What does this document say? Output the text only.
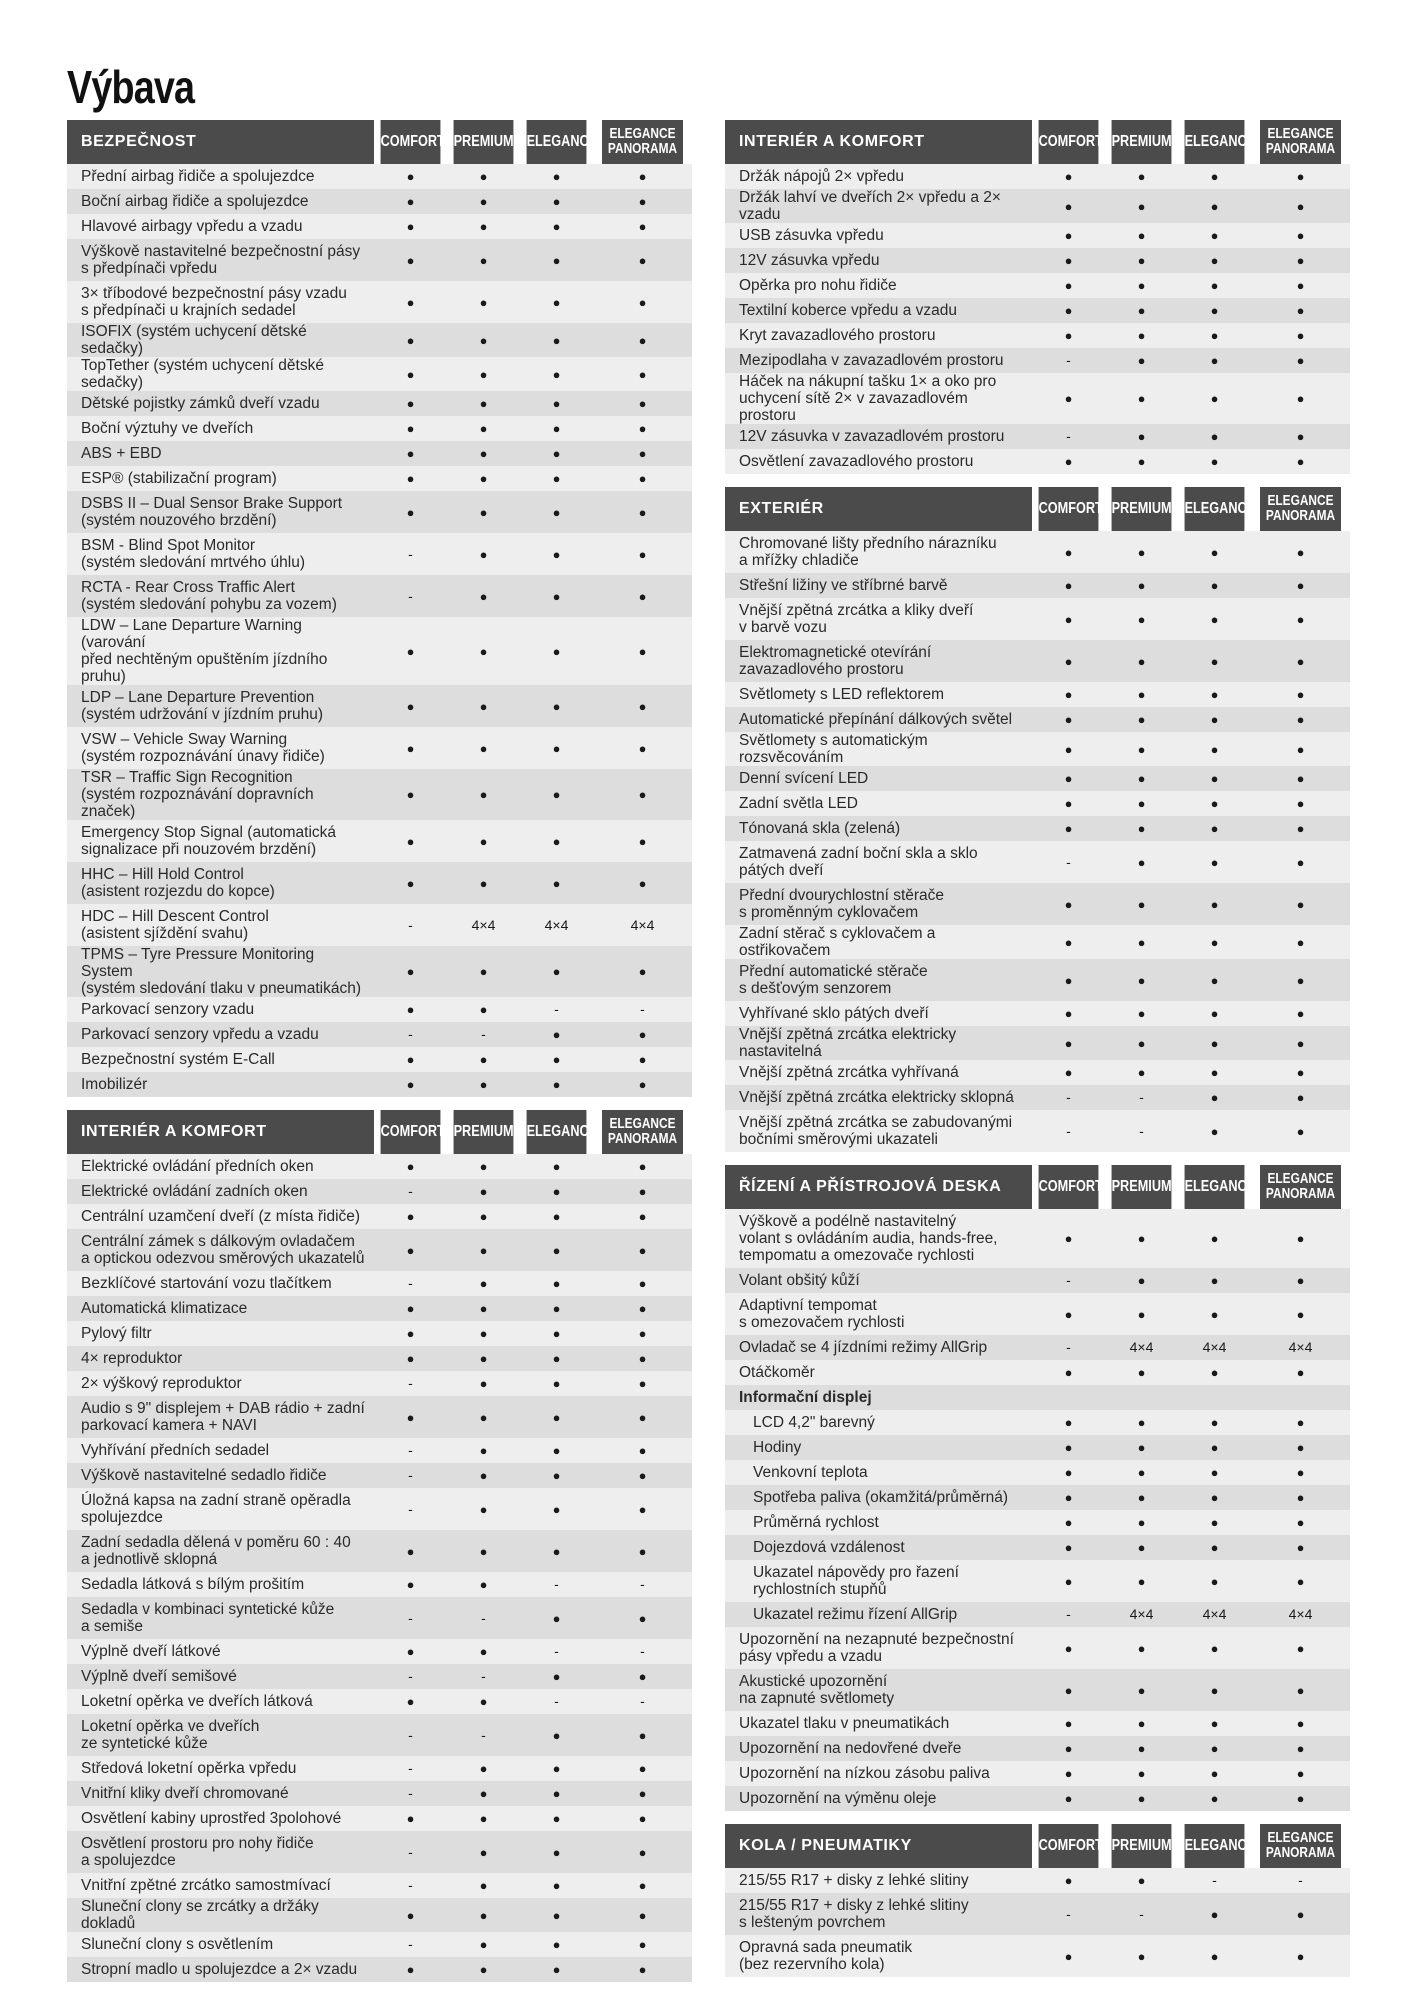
Výbava
BEZPEČNOST	COMFORT	PREMIUM	ELEGANCE	ELEGANCE
PANORAMA

Přední airbag řidiče a spolujezdce	●	●	●	●
Boční airbag řidiče a spolujezdce	●	●	●	●
Hlavové airbagy vpředu a vzadu	●	●	●	●
Výškově nastavitelné bezpečnostní pásy
s předpínači vpředu	●	●	●	●
3× tříbodové bezpečnostní pásy vzadu
s předpínači u krajních sedadel	●	●	●	●
ISOFIX (systém uchycení dětské sedačky)	●	●	●	●
TopTether (systém uchycení dětské sedačky)	●	●	●	●
Dětské pojistky zámků dveří vzadu	●	●	●	●
Boční výztuhy ve dveřích	●	●	●	●
ABS + EBD	●	●	●	●
ESP® (stabilizační program)	●	●	●	●
DSBS II – Dual Sensor Brake Support
(systém nouzového brzdění)	●	●	●	●
BSM - Blind Spot Monitor
(systém sledování mrtvého úhlu)	-	●	●	●
RCTA - Rear Cross Traffic Alert
(systém sledování pohybu za vozem)	-	●	●	●
LDW – Lane Departure Warning (varování
před nechtěným opuštěním jízdního pruhu)	●	●	●	●
LDP – Lane Departure Prevention
(systém udržování v jízdním pruhu)	●	●	●	●
VSW – Vehicle Sway Warning
(systém rozpoznávání únavy řidiče)	●	●	●	●
TSR – Traffic Sign Recognition
(systém rozpoznávání dopravních značek)	●	●	●	●
Emergency Stop Signal (automatická
signalizace při nouzovém brzdění)	●	●	●	●
HHC – Hill Hold Control
(asistent rozjezdu do kopce)	●	●	●	●
HDC – Hill Descent Control
(asistent sjíždění svahu)	-	4×4	4×4	4×4
TPMS – Tyre Pressure Monitoring System
(systém sledování tlaku v pneumatikách)	●	●	●	●
Parkovací senzory vzadu	●	●	-	-
Parkovací senzory vpředu a vzadu	-	-	●	●
Bezpečnostní systém E-Call	●	●	●	●
Imobilizér	●	●	●	●
INTERIÉR A KOMFORT	COMFORT	PREMIUM	ELEGANCE	ELEGANCE
PANORAMA

Elektrické ovládání předních oken	●	●	●	●
Elektrické ovládání zadních oken	-	●	●	●
Centrální uzamčení dveří (z místa řidiče)	●	●	●	●
Centrální zámek s dálkovým ovladačem
a optickou odezvou směrových ukazatelů	●	●	●	●
Bezklíčové startování vozu tlačítkem	-	●	●	●
Automatická klimatizace	●	●	●	●
Pylový filtr	●	●	●	●
4× reproduktor	●	●	●	●
2× výškový reproduktor	-	●	●	●
Audio s 9" displejem + DAB rádio + zadní
parkovací kamera + NAVI	●	●	●	●
Vyhřívání předních sedadel	-	●	●	●
Výškově nastavitelné sedadlo řidiče	-	●	●	●
Úložná kapsa na zadní straně opěradla
spolujezdce	-	●	●	●
Zadní sedadla dělená v poměru 60 : 40
a jednotlivě sklopná	●	●	●	●
Sedadla látková s bílým prošitím	●	●	-	-
Sedadla v kombinaci syntetické kůže
a semiše	-	-	●	●
Výplně dveří látkové	●	●	-	-
Výplně dveří semišové	-	-	●	●
Loketní opěrka ve dveřích látková	●	●	-	-
Loketní opěrka ve dveřích
ze syntetické kůže	-	-	●	●
Středová loketní opěrka vpředu	-	●	●	●
Vnitřní kliky dveří chromované	-	●	●	●
Osvětlení kabiny uprostřed 3polohové	●	●	●	●
Osvětlení prostoru pro nohy řidiče
a spolujezdce	-	●	●	●
Vnitřní zpětné zrcátko samostmívací	-	●	●	●
Sluneční clony se zrcátky a držáky dokladů	●	●	●	●
Sluneční clony s osvětlením	-	●	●	●
Stropní madlo u spolujezdce a 2× vzadu	●	●	●	●
INTERIÉR A KOMFORT	COMFORT	PREMIUM	ELEGANCE	ELEGANCE
PANORAMA

Držák nápojů 2× vpředu	●	●	●	●
Držák lahví ve dveřích 2× vpředu a 2× vzadu	●	●	●	●
USB zásuvka vpředu	●	●	●	●
12V zásuvka vpředu	●	●	●	●
Opěrka pro nohu řidiče	●	●	●	●
Textilní koberce vpředu a vzadu	●	●	●	●
Kryt zavazadlového prostoru	●	●	●	●
Mezipodlaha v zavazadlovém prostoru	-	●	●	●
Háček na nákupní tašku 1× a oko pro
uchycení sítě 2× v zavazadlovém prostoru	●	●	●	●
12V zásuvka v zavazadlovém prostoru	-	●	●	●
Osvětlení zavazadlového prostoru	●	●	●	●
EXTERIÉR	COMFORT	PREMIUM	ELEGANCE	ELEGANCE
PANORAMA

Chromované lišty předního nárazníku
a mřížky chladiče	●	●	●	●
Střešní ližiny ve stříbrné barvě	●	●	●	●
Vnější zpětná zrcátka a kliky dveří
v barvě vozu	●	●	●	●
Elektromagnetické otevírání
zavazadlového prostoru	●	●	●	●
Světlomety s LED reflektorem	●	●	●	●
Automatické přepínání dálkových světel	●	●	●	●
Světlomety s automatickým rozsvěcováním	●	●	●	●
Denní svícení LED	●	●	●	●
Zadní světla LED	●	●	●	●
Tónovaná skla (zelená)	●	●	●	●
Zatmavená zadní boční skla a sklo
pátých dveří	-	●	●	●
Přední dvourychlostní stěrače
s proměnným cyklovačem	●	●	●	●
Zadní stěrač s cyklovačem a ostřikovačem	●	●	●	●
Přední automatické stěrače
s dešťovým senzorem	●	●	●	●
Vyhřívané sklo pátých dveří	●	●	●	●
Vnější zpětná zrcátka elektricky nastavitelná	●	●	●	●
Vnější zpětná zrcátka vyhřívaná	●	●	●	●
Vnější zpětná zrcátka elektricky sklopná	-	-	●	●
Vnější zpětná zrcátka se zabudovanými
bočními směrovými ukazateli	-	-	●	●
ŘÍZENÍ A PŘÍSTROJOVÁ DESKA	COMFORT	PREMIUM	ELEGANCE	ELEGANCE
PANORAMA

Výškově a podélně nastavitelný
volant s ovládáním audia, hands-free,
tempomatu a omezovače rychlosti	●	●	●	●
Volant obšitý kůží	-	●	●	●
Adaptivní tempomat
s omezovačem rychlosti	●	●	●	●
Ovladač se 4 jízdními režimy AllGrip	-	4×4	4×4	4×4
Otáčkoměr	●	●	●	●
Informační displej				
LCD 4,2" barevný	●	●	●	●
Hodiny	●	●	●	●
Venkovní teplota	●	●	●	●
Spotřeba paliva (okamžitá/průměrná)	●	●	●	●
Průměrná rychlost	●	●	●	●
Dojezdová vzdálenost	●	●	●	●
Ukazatel nápovědy pro řazení
rychlostních stupňů	●	●	●	●
Ukazatel režimu řízení AllGrip	-	4×4	4×4	4×4
Upozornění na nezapnuté bezpečnostní
pásy vpředu a vzadu	●	●	●	●
Akustické upozornění
na zapnuté světlomety	●	●	●	●
Ukazatel tlaku v pneumatikách	●	●	●	●
Upozornění na nedovřené dveře	●	●	●	●
Upozornění na nízkou zásobu paliva	●	●	●	●
Upozornění na výměnu oleje	●	●	●	●
KOLA / PNEUMATIKY	COMFORT	PREMIUM	ELEGANCE	ELEGANCE
PANORAMA

215/55 R17 + disky z lehké slitiny	●	●	-	-
215/55 R17 + disky z lehké slitiny
s lešteným povrchem	-	-	●	●
Opravná sada pneumatik
(bez rezervního kola)	●	●	●	●
